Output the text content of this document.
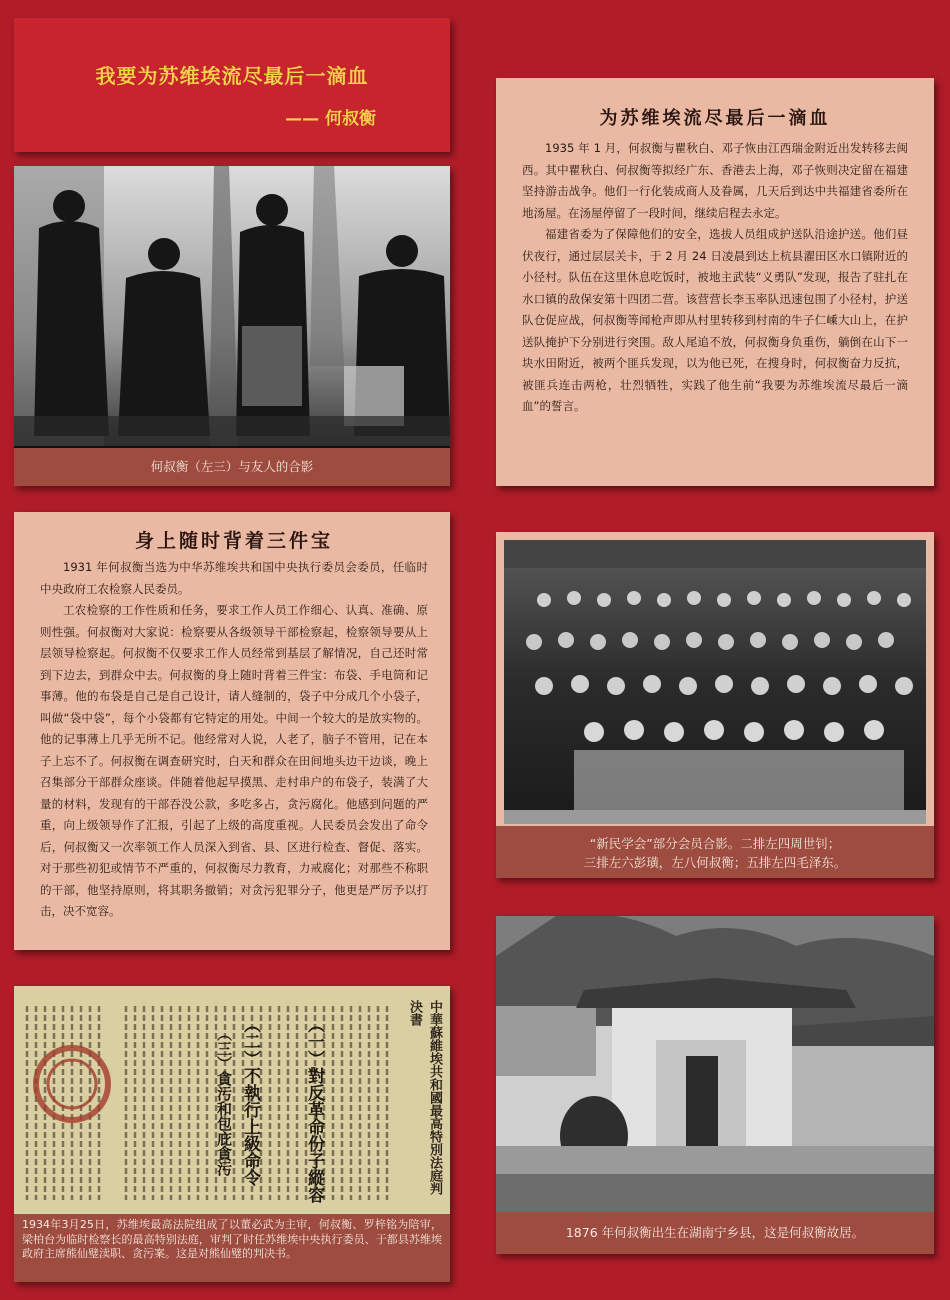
我要为苏维埃流尽最后一滴血
—— 何叔衡
何叔衡（左三）与友人的合影
为苏维埃流尽最后一滴血

1935 年 1 月，何叔衡与瞿秋白、邓子恢由江西瑞金附近出发转移去闽西。其中瞿秋白、何叔衡等拟经广东、香港去上海，邓子恢则决定留在福建坚持游击战争。他们一行化装成商人及眷属，几天后到达中共福建省委所在地汤屋。在汤屋停留了一段时间，继续启程去永定。

福建省委为了保障他们的安全，选拔人员组成护送队沿途护送。他们昼伏夜行，通过层层关卡，于 2 月 24 日凌晨到达上杭县濯田区水口镇附近的小径村。队伍在这里休息吃饭时，被地主武装“义勇队”发现，报告了驻扎在水口镇的敌保安第十四团二营。该营营长李玉率队迅速包围了小径村，护送队仓促应战，何叔衡等闻枪声即从村里转移到村南的牛子仁嵊大山上，在护送队掩护下分别进行突围。敌人尾追不放，何叔衡身负重伤，躺倒在山下一块水田附近，被两个匪兵发现，以为他已死，在搜身时，何叔衡奋力反抗，被匪兵连击两枪，壮烈牺牲，实践了他生前“我要为苏维埃流尽最后一滴血”的誓言。

身上随时背着三件宝

1931 年何叔衡当选为中华苏维埃共和国中央执行委员会委员，任临时中央政府工农检察人民委员。

工农检察的工作性质和任务，要求工作人员工作细心、认真、准确、原则性强。何叔衡对大家说：检察要从各级领导干部检察起，检察领导要从上层领导检察起。何叔衡不仅要求工作人员经常到基层了解情况，自己还时常到下边去，到群众中去。何叔衡的身上随时背着三件宝：布袋、手电筒和记事薄。他的布袋是自己是自己设计，请人缝制的，袋子中分成几个小袋子，叫做“袋中袋”，每个小袋都有它特定的用处。中间一个较大的是放实物的。他的记事薄上几乎无所不记。他经常对人说，人老了，脑子不管用，记在本子上忘不了。何叔衡在调查研究时，白天和群众在田间地头边干边谈，晚上召集部分干部群众座谈。伴随着他起早摸黑、走村串户的布袋子，装满了大量的材料，发现有的干部吞没公款，多吃多占，贪污腐化。他感到问题的严重，向上级领导作了汇报，引起了上级的高度重视。人民委员会发出了命令后，何叔衡又一次率领工作人员深入到省、县、区进行检查、督促、落实。对于那些初犯或情节不严重的，何叔衡尽力教育，力戒腐化；对那些不称职的干部，他坚持原则，将其职务撤销；对贪污犯罪分子，他更是严厉予以打击，决不宽容。

“新民学会”部分会员合影。二排左四周世钊；
三排左六彭璜，左八何叔衡；五排左四毛泽东。
1876 年何叔衡出生在湖南宁乡县，这是何叔衡故居。
中華蘇維埃共和國最高特別法庭判決書
（一）對反革命份子縱容
（二）不執行上級命令
（三）貪污和包庇貪污
1934年3月25日，苏维埃最高法院组成了以董必武为主审，何叔衡、罗梓铭为陪审，梁柏台为临时检察长的最高特别法庭，审判了时任苏维埃中央执行委员、于都县苏维埃政府主席熊仙璧渎职、贪污案。这是对熊仙璧的判决书。
